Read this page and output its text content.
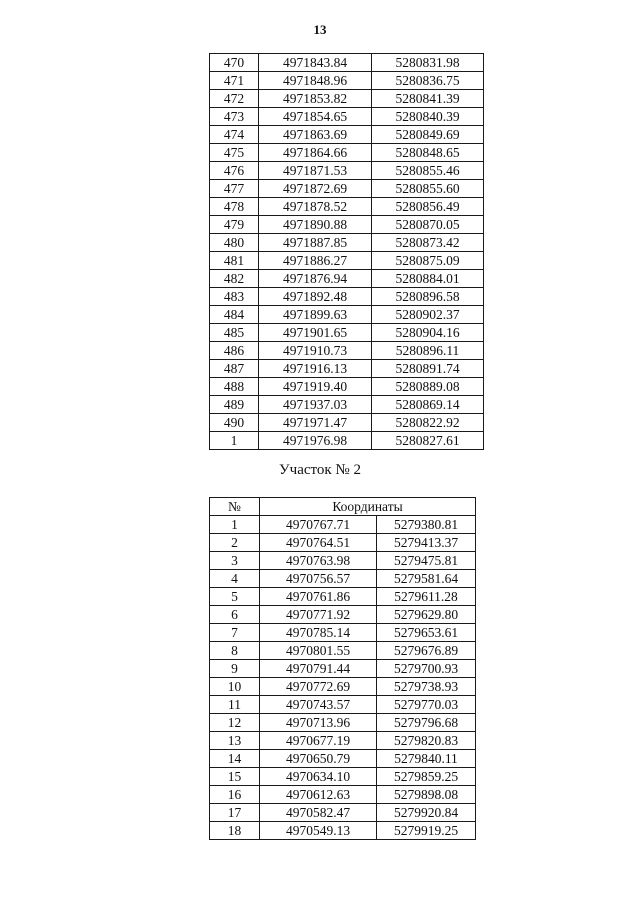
13
470	4971843.84	5280831.98
471	4971848.96	5280836.75
472	4971853.82	5280841.39
473	4971854.65	5280840.39
474	4971863.69	5280849.69
475	4971864.66	5280848.65
476	4971871.53	5280855.46
477	4971872.69	5280855.60
478	4971878.52	5280856.49
479	4971890.88	5280870.05
480	4971887.85	5280873.42
481	4971886.27	5280875.09
482	4971876.94	5280884.01
483	4971892.48	5280896.58
484	4971899.63	5280902.37
485	4971901.65	5280904.16
486	4971910.73	5280896.11
487	4971916.13	5280891.74
488	4971919.40	5280889.08
489	4971937.03	5280869.14
490	4971971.47	5280822.92
1	4971976.98	5280827.61
Участок № 2
№	Координаты	
1	4970767.71	5279380.81
2	4970764.51	5279413.37
3	4970763.98	5279475.81
4	4970756.57	5279581.64
5	4970761.86	5279611.28
6	4970771.92	5279629.80
7	4970785.14	5279653.61
8	4970801.55	5279676.89
9	4970791.44	5279700.93
10	4970772.69	5279738.93
11	4970743.57	5279770.03
12	4970713.96	5279796.68
13	4970677.19	5279820.83
14	4970650.79	5279840.11
15	4970634.10	5279859.25
16	4970612.63	5279898.08
17	4970582.47	5279920.84
18	4970549.13	5279919.25
